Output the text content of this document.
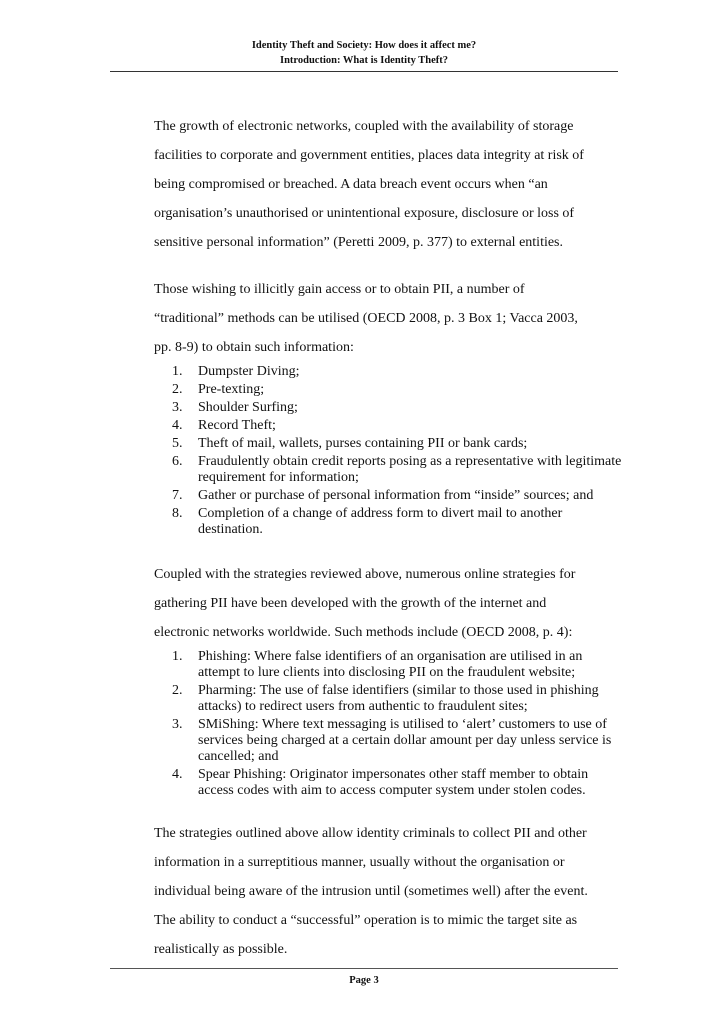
Identity Theft and Society: How does it affect me?
Introduction: What is Identity Theft?

The growth of electronic networks, coupled with the availability of storage

facilities to corporate and government entities, places data integrity at risk of

being compromised or breached. A data breach event occurs when “an

organisation’s unauthorised or unintentional exposure, disclosure or loss of

sensitive personal information” (Peretti 2009, p. 377) to external entities.

Those wishing to illicitly gain access or to obtain PII, a number of

“traditional” methods can be utilised (OECD 2008, p. 3 Box 1; Vacca 2003,

pp. 8-9) to obtain such information:

1. Dumpster Diving;
2. Pre-texting;
3. Shoulder Surfing;
4. Record Theft;
5. Theft of mail, wallets, purses containing PII or bank cards;
6. Fraudulently obtain credit reports posing as a representative with legitimate requirement for information;
7. Gather or purchase of personal information from “inside” sources; and
8. Completion of a change of address form to divert mail to another destination.

Coupled with the strategies reviewed above, numerous online strategies for

gathering PII have been developed with the growth of the internet and

electronic networks worldwide. Such methods include (OECD 2008, p. 4):

1. Phishing: Where false identifiers of an organisation are utilised in an attempt to lure clients into disclosing PII on the fraudulent website;
2. Pharming: The use of false identifiers (similar to those used in phishing attacks) to redirect users from authentic to fraudulent sites;
3. SMiShing: Where text messaging is utilised to ‘alert’ customers to use of services being charged at a certain dollar amount per day unless service is cancelled; and
4. Spear Phishing: Originator impersonates other staff member to obtain access codes with aim to access computer system under stolen codes.

The strategies outlined above allow identity criminals to collect PII and other

information in a surreptitious manner, usually without the organisation or

individual being aware of the intrusion until (sometimes well) after the event.

The ability to conduct a “successful” operation is to mimic the target site as

realistically as possible.

Page 3
